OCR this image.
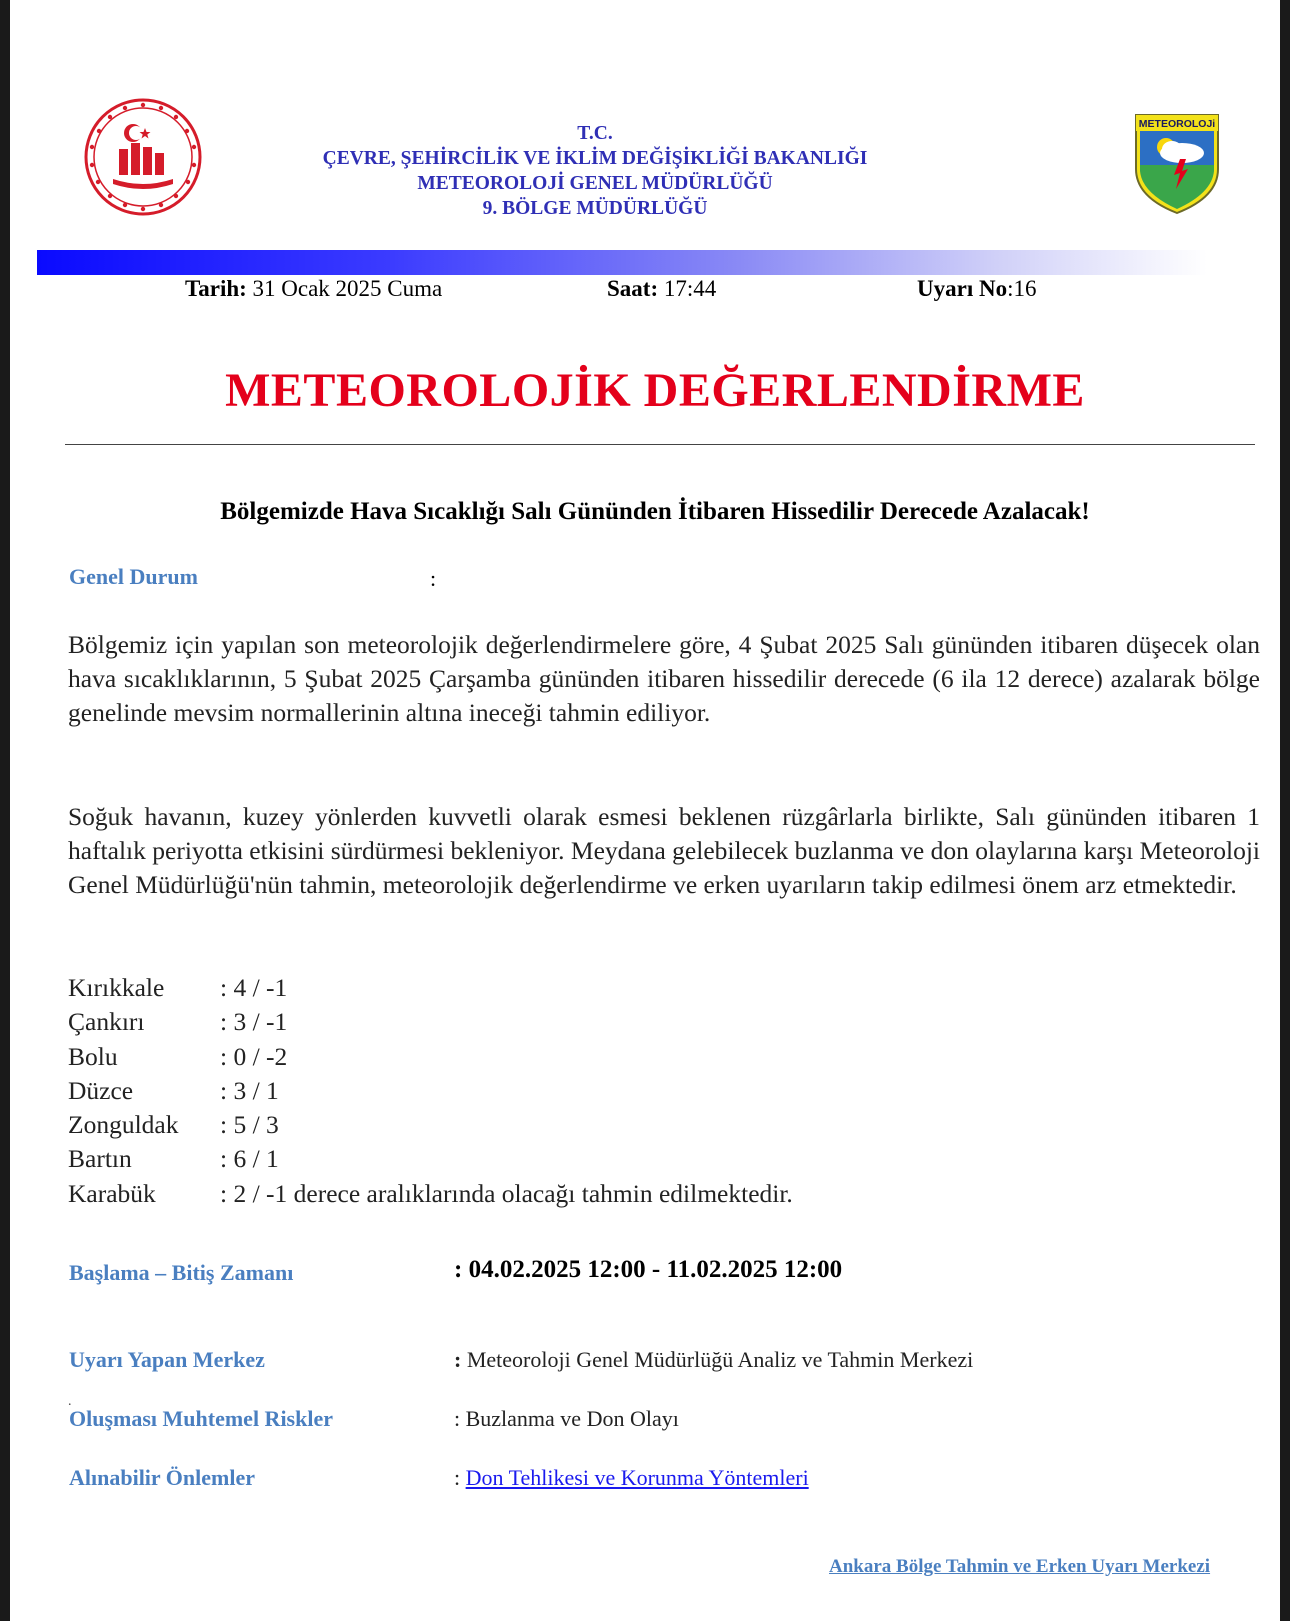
T.C.
ÇEVRE, ŞEHİRCİLİK VE İKLİM DEĞİŞİKLİĞİ BAKANLIĞI
METEOROLOJİ GENEL MÜDÜRLÜĞÜ
9. BÖLGE MÜDÜRLÜĞÜ
METEOROLOJi
Tarih: 31 Ocak 2025 Cuma	Saat: 17:44	Uyarı No:16
METEOROLOJİK DEĞERLENDİRME
Bölgemizde Hava Sıcaklığı Salı Gününden İtibaren Hissedilir Derecede Azalacak!
Genel Durum	:
Bölgemiz için yapılan son meteorolojik değerlendirmelere göre, 4 Şubat 2025 Salı gününden itibaren düşecek olan hava sıcaklıklarının, 5 Şubat 2025 Çarşamba gününden itibaren hissedilir derecede (6 ila 12 derece) azalarak bölge genelinde mevsim normallerinin altına ineceği tahmin ediliyor.
Soğuk havanın, kuzey yönlerden kuvvetli olarak esmesi beklenen rüzgârlarla birlikte, Salı gününden itibaren 1 haftalık periyotta etkisini sürdürmesi bekleniyor. Meydana gelebilecek buzlanma ve don olaylarına karşı Meteoroloji Genel Müdürlüğü'nün tahmin, meteorolojik değerlendirme ve erken uyarıların takip edilmesi önem arz etmektedir.
Kırıkkale : 4 / -1
Çankırı	: 3 / -1
Bolu	: 0 / -2
Düzce	: 3 / 1
Zonguldak : 5 / 3
Bartın	: 6 / 1
Karabük	: 2 / -1 derece aralıklarında olacağı tahmin edilmektedir.
Başlama – Bitiş Zamanı	: 04.02.2025 12:00 - 11.02.2025 12:00
Uyarı Yapan Merkez	: Meteoroloji Genel Müdürlüğü Analiz ve Tahmin Merkezi
.
Oluşması Muhtemel Riskler	: Buzlanma ve Don Olayı
Alınabilir Önlemler	: Don Tehlikesi ve Korunma Yöntemleri
Ankara Bölge Tahmin ve Erken Uyarı Merkezi
